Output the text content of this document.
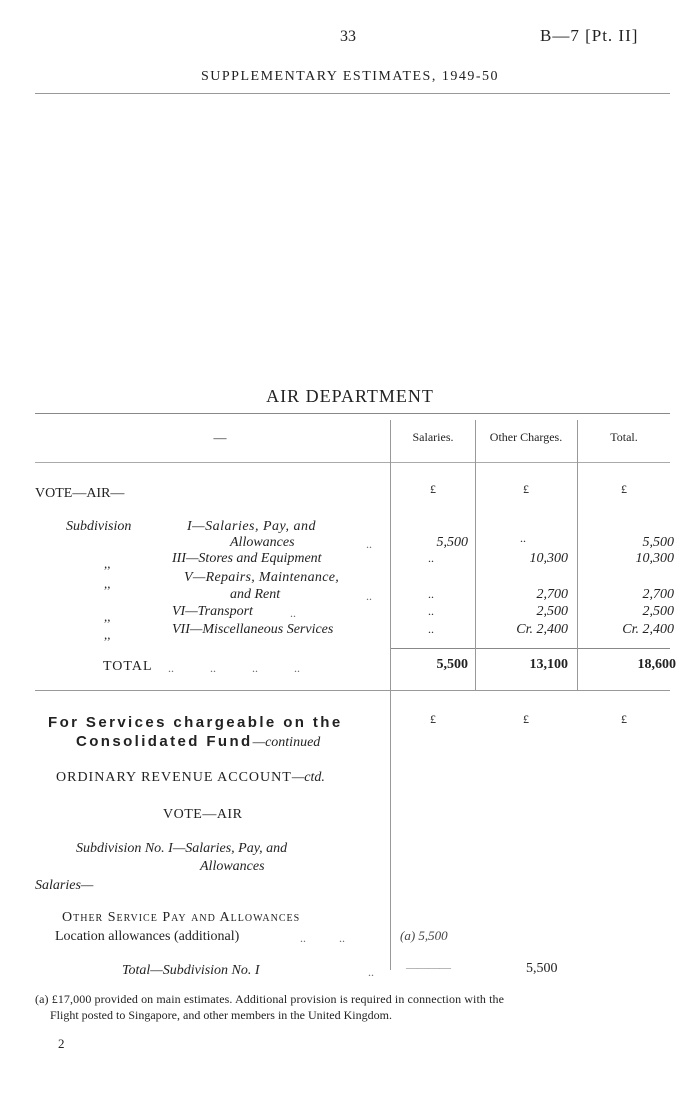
33	B—7 [Pt. II]
SUPPLEMENTARY ESTIMATES, 1949-50
AIR DEPARTMENT
—	Salaries.	Other Charges.	Total.
VOTE—AIR—	£	£	£
Subdivision	I—Salaries, Pay, and
Allowances	..	5,500	..	5,500
,,	III—Stores and Equipment	..	10,300	10,300
,,	V—Repairs, Maintenance,
and Rent	..	..	2,700	2,700
,,	VI—Transport	..	..	2,500	2,500
,,	VII—Miscellaneous Services	..	Cr. 2,400	Cr. 2,400
TOTAL ..            ..            ..            ..	5,500	13,100	18,600
For Services chargeable on the
Consolidated Fund—continued
£	£	£
ORDINARY REVENUE ACCOUNT—ctd.
VOTE—AIR
Subdivision No. I—Salaries, Pay, and
Allowances
Salaries—
Other Service Pay and Allowances
Location allowances (additional)	..           ..	(a) 5,500
Total—Subdivision No. I	..	————	5,500
(a) £17,000 provided on main estimates. Additional provision is required in connection with the
Flight posted to Singapore, and other members in the United Kingdom.
2
